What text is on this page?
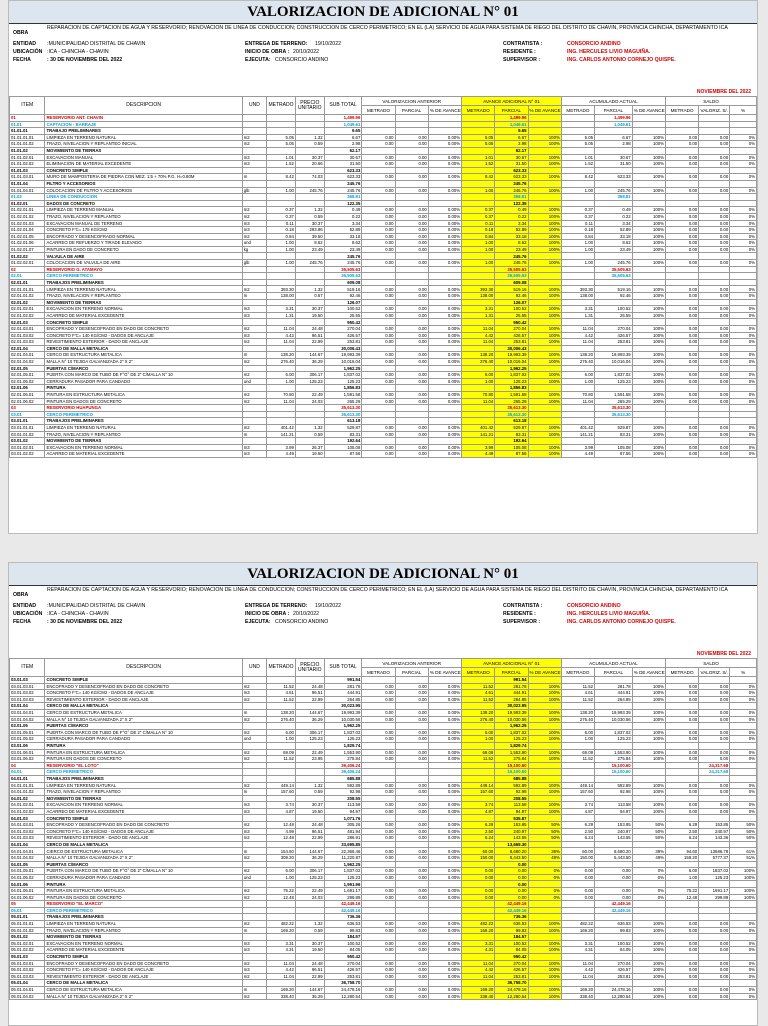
VALORIZACION DE ADICIONAL N° 01
OBRA
REPARACION DE CAPTACION DE AGUA Y RESERVORIO; RENOVACION DE LINEA DE CONDUCCION; CONSTRUCCION DE CERCO PERIMETRICO; EN EL (LA) SERVICIO DE AGUA PARA SISTEMA DE RIEGO DEL DISTRITO DE CHAVIN, PROVINCIA CHINCHA, DEPARTAMENTO ICA
ENTIDAD :MUNICIPALIDAD DISTRITAL DE CHAVIN
UBICACIÓN :ICA - CHINCHA - CHAVIN
FECHA	: 30 DE NOVIEMBRE DEL 2022
ENTREGA DE TERRENO: 19/10/2022
INICIO DE OBRA : 20/10/2022
EJECUTA: CONSORCIO ANDINO
CONTRATISTA :	CONSORCIO ANDINO
RESIDENTE :	ING. HERCULES LIVIO MAGUIÑA.
SUPERVISOR :	ING. CARLOS ANTONIO CORNEJO QUISPE.
NOVIEMBRE DEL 2022
ITEM	DESCRIPCION	UND	METRADO	PRECIO UNITARIO	SUB TOTAL	VALORIZACION ANTERIOR			AVANCE ADICIONAL N° 01			ACUMULADO ACTUAL			SALDO		
						METRADO	PARCIAL	% DE AVANCE	METRADO	PARCIAL	% DE AVANCE	METRADO	PARCIAL	% DE AVANCE	METRADO	VALORIZ. S/.	%
01	RESERVORIO ANT. CHAVIN				1,499.96					1,499.96			1,499.96				
01.01	CAPTACION - BARRAJE				1,049.61					1,049.61			1,049.61				
01.01.01	TRABAJO PRELIMINARES				9.65					9.65							
01.01.01.01	LIMPIEZA EN TERRENO NATURAL	m2	5.05	1.32	6.67	0.00	0.00	0.00%	5.05	6.67	100%	5.05	6.67	100%	0.00	0.00	0%
01.01.01.02	TRAZO, NIVELACION Y REPLANTEO INICIAL	m2	5.05	0.59	2.98	0.00	0.00	0.00%	5.05	2.98	100%	5.05	2.98	100%	0.00	0.00	0%
01.01.02	MOVIMIENTO DE TIERRAS				62.17					62.17							
01.01.02.01	EXCAVACION MANUAL	m3	1.01	30.37	30.67	0.00	0.00	0.00%	1.01	30.67	100%	1.01	30.67	100%	0.00	0.00	0%
01.01.02.02	ELIMINACION DE MATERIAL EXCEDENTE	m3	1.52	20.66	31.50	0.00	0.00	0.00%	1.52	31.50	100%	1.52	31.50	100%	0.00	0.00	0%
01.01.03	CONCRETO SIMPLE				623.33					623.33							
01.01.03.01	MURO DE MAMPOSTERIA DE PIEDRA CON MEZ. 1:5 + 70% P.G. H=0.80M	m	8.42	74.03	623.33	0.00	0.00	0.00%	8.42	623.33	100%	8.42	623.33	100%	0.00	0.00	0%
01.01.04	FILTRO Y ACCESORIOS				245.76					245.76							
01.01.04.01	COLOCACION DE FILTRO Y ACCESORIOS	glb	1.00	245.76	245.76	0.00	0.00	0.00%	1.00	245.76	100%	1.00	245.76	100%	0.00	0.00	0%
01.02	LINEA DE CONDUCCION				368.81					368.81			368.81				
01.02.01	DADOS DE CONCRETO				122.35					122.35							
01.02.01.01	LIMPIEZA DE TERRENO MANUAL	m2	0.37	1.32	0.49	0.00	0.00	0.00%	0.37	0.49	100%	0.37	0.49	100%	0.00	0.00	0%
01.02.01.02	TRAZO, NIVELACION Y REPLANTEO	m2	0.37	0.59	0.22	0.00	0.00	0.00%	0.37	0.22	100%	0.37	0.22	100%	0.00	0.00	0%
01.02.01.03	EXCAVACION MANUAL DE TERRENO	m3	0.11	30.37	3.34	0.00	0.00	0.00%	0.11	3.34	100%	0.11	3.34	100%	0.00	0.00	0%
01.02.01.04	CONCRETO F'C= 175 KG/CM2	m3	0.18	293.86	52.89	0.00	0.00	0.00%	0.18	52.89	100%	0.18	52.89	100%	0.00	0.00	0%
01.02.01.05	ENCOFRADO Y DESENCOFRADO NORMAL	m2	0.84	39.50	33.18	0.00	0.00	0.00%	0.84	33.18	100%	0.84	33.18	100%	0.00	0.00	0%
01.02.01.06	ACARREO DE REFUERZO Y TIRADE ELEVADO	und	1.00	8.62	8.62	0.00	0.00	0.00%	1.00	8.62	100%	1.00	8.62	100%	0.00	0.00	0%
01.02.01.07	PINTURA EN DADO DE CONCRETO	kg	1.00	23.49	23.49	0.00	0.00	0.00%	1.00	23.49	100%	1.00	23.49	100%	0.00	0.00	0%
01.02.02	VALVULA DE AIRE				245.76					245.76							
01.02.02.01	COLOCACION DE VALVULA DE AIRE	glb	1.00	245.76	245.76	0.00	0.00	0.00%	1.00	245.76	100%	1.00	245.76	100%	0.00	0.00	0%
02	RESERVORIO G. ATAMAYO				35,505.63					35,505.63			35,505.63				
02.01	CERCO PERIMETRICO				35,505.63					35,505.63			35,505.63				
02.01.01	TRABAJOS PRELIMINARES				609.08					609.08							
02.01.01.01	LIMPIEZA EN TERRENO NATURAL	m2	393.30	1.32	519.16	0.00	0.00	0.00%	393.30	519.16	100%	393.30	519.16	100%	0.00	0.00	0%
02.01.01.02	TRAZO, NIVELACION Y REPLANTEO	m	138.00	0.67	92.46	0.00	0.00	0.00%	138.00	92.46	100%	138.00	92.46	100%	0.00	0.00	0%
02.01.02	MOVIMIENTO DE TIERRAS				126.07					126.07							
02.01.02.01	EXCAVACION EN TERRENO NORMAL	m3	3.31	30.37	100.52	0.00	0.00	0.00%	3.31	100.52	100%	3.31	100.52	100%	0.00	0.00	0%
02.01.02.02	ACARREO DE MATERIAL EXCEDENTE	m3	1.31	19.50	25.55	0.00	0.00	0.00%	1.31	25.55	100%	1.31	25.55	100%	0.00	0.00	0%
02.01.03	CONCRETO SIMPLE				950.42					950.42							
02.01.03.01	ENCOFRADO Y DESENCOFRADO EN DADO DE CONCRETO	m2	11.04	24.48	270.04	0.00	0.00	0.00%	11.04	270.04	100%	11.04	270.04	100%	0.00	0.00	0%
02.01.03.02	CONCRETO F'C= 140 KG/CM2 - DADOS DE ANCLAJE	m3	4.42	96.51	426.57	0.00	0.00	0.00%	4.42	426.57	100%	4.42	426.57	100%	0.00	0.00	0%
02.01.03.03	REVESTIMIENTO EXTERIOR - DADO DE ANCLAJE	m2	11.04	22.99	253.81	0.00	0.00	0.00%	11.04	253.81	100%	11.04	253.81	100%	0.00	0.00	0%
02.01.04	CERCO DE MALLA METALICA				30,006.43					30,006.43							
02.01.04.01	CERCO DE ESTRUCTURA METALICA	m	138.20	144.67	19,993.39	0.00	0.00	0.00%	138.20	19,993.39	100%	138.20	19,993.39	100%	0.00	0.00	0%
02.01.04.02	MALLA N° 10 TEJIDA GALVANIZADA 2" X 2"	m2	276.40	36.29	10,016.04	0.00	0.00	0.00%	276.40	10,016.04	100%	276.40	10,016.04	100%	0.00	0.00	0%
02.01.05	PUERTAS C/MARCO				1,962.25					1,962.25							
02.01.05.01	PUERTA CON MARCO DE TUBO DE F°G° DE 2" C/MALLA N° 10	m2	6.00	306.17	1,837.02	0.00	0.00	0.00%	6.00	1,837.02	100%	6.00	1,837.02	100%	0.00	0.00	0%
02.01.05.02	CERRADURA PASADOR PARA CANDADO	und	1.00	125.23	125.23	0.00	0.00	0.00%	1.00	125.23	100%	1.00	125.23	100%	0.00	0.00	0%
02.01.06	PINTURA				1,856.83					1,856.83							
02.01.06.01	PINTURA EN ESTRUCTURA METALICA	m2	70.80	22.49	1,591.58	0.00	0.00	0.00%	70.80	1,591.58	100%	70.80	1,591.58	100%	0.00	0.00	0%
02.01.06.02	PINTURA EN DADOS DE CONCRETO	m2	11.04	24.03	265.29	0.00	0.00	0.00%	11.04	265.29	100%	11.04	265.29	100%	0.00	0.00	0%
03	RESERVORIO HUAPUNGA				35,613.30					35,613.30			35,613.30				
03.01	CERCO PERIMETRICO				35,613.30					35,613.30			35,613.30				
03.01.01	TRABAJOS PRELIMINARES				613.18					613.18							
03.01.01.01	LIMPIEZA EN TERRENO NATURAL	m2	401.42	1.32	529.87	0.00	0.00	0.00%	401.42	529.87	100%	401.42	529.87	100%	0.00	0.00	0%
03.01.01.02	TRAZO, NIVELACION Y REPLANTEO	m	141.21	0.59	83.31	0.00	0.00	0.00%	141.21	83.31	100%	141.21	83.31	100%	0.00	0.00	0%
03.01.02	MOVIMIENTO DE TIERRAS				192.64					192.64							
03.01.02.01	EXCAVACION EN TERRENO NORMAL	m3	3.99	26.37	105.08	0.00	0.00	0.00%	3.99	105.08	100%	3.99	105.08	100%	0.00	0.00	0%
03.01.02.02	ACARREO DE MATERIAL EXCEDENTE	m3	4.49	19.50	87.56	0.00	0.00	0.00%	4.49	87.56	100%	4.49	87.56	100%	0.00	0.00	0%
VALORIZACION DE ADICIONAL N° 01
OBRA
REPARACION DE CAPTACION DE AGUA Y RESERVORIO; RENOVACION DE LINEA DE CONDUCCION; CONSTRUCCION DE CERCO PERIMETRICO; EN EL (LA) SERVICIO DE AGUA PARA SISTEMA DE RIEGO DEL DISTRITO DE CHAVIN, PROVINCIA CHINCHA, DEPARTAMENTO ICA
ENTIDAD :MUNICIPALIDAD DISTRITAL DE CHAVIN
UBICACIÓN :ICA - CHINCHA - CHAVIN
FECHA	: 30 DE NOVIEMBRE DEL 2022
ENTREGA DE TERRENO: 19/10/2022
INICIO DE OBRA : 20/10/2022
EJECUTA: CONSORCIO ANDINO
CONTRATISTA :	CONSORCIO ANDINO
RESIDENTE :	ING. HERCULES LIVIO MAGUIÑA.
SUPERVISOR :	ING. CARLOS ANTONIO CORNEJO QUISPE.
NOVIEMBRE DEL 2022
ITEM	DESCRIPCION	UND	METRADO	PRECIO UNITARIO	SUB TOTAL	VALORIZACION ANTERIOR			AVANCE ADICIONAL N° 01			ACUMULADO ACTUAL			SALDO		
						METRADO	PARCIAL	% DE AVANCE	METRADO	PARCIAL	% DE AVANCE	METRADO	PARCIAL	% DE AVANCE	METRADO	VALORIZ. S/.	%
03.01.03	CONCRETO SIMPLE				991.54					991.54							
03.01.03.01	ENCOFRADO Y DESENCOFRADO EN DADO DE CONCRETO	m2	11.52	24.48	281.78	0.00	0.00	0.00%	11.52	281.78	100%	11.52	281.78	100%	0.00	0.00	0%
03.01.03.02	CONCRETO F'C= 140 KG/CM2 - DADOS DE ANCLAJE	m3	4.61	96.51	444.91	0.00	0.00	0.00%	4.61	444.91	100%	4.61	444.91	100%	0.00	0.00	0%
03.01.03.03	REVESTIMIENTO EXTERIOR - DADO DE ANCLAJE	m2	11.52	22.99	264.85	0.00	0.00	0.00%	11.52	264.85	100%	11.52	264.85	100%	0.00	0.00	0%
03.01.04	CERCO DE MALLA METALICA				30,023.95					30,023.95							
03.01.04.01	CERCO DE ESTRUCTURA METALICA	m	138.20	144.67	19,993.39	0.00	0.00	0.00%	138.20	19,993.39	100%	138.20	19,993.39	100%	0.00	0.00	0%
03.01.04.02	MALLA N° 10 TEJIDA GALVANIZADA 2" X 2"	m2	276.40	36.29	10,030.56	0.00	0.00	0.00%	276.40	10,030.56	100%	276.40	10,030.56	100%	0.00	0.00	0%
03.01.05	PUERTAS C/MARCO				1,962.25					1,962.25							
03.01.05.01	PUERTA CON MARCO DE TUBO DE F°G° DE 2" C/MALLA N° 10	m2	6.00	306.17	1,837.02	0.00	0.00	0.00%	6.00	1,837.02	100%	6.00	1,837.02	100%	0.00	0.00	0%
03.01.05.02	CERRADURA PASADOR PARA CANDADO	und	1.00	125.23	125.23	0.00	0.00	0.00%	1.00	125.23	100%	1.00	125.23	100%	0.00	0.00	0%
03.01.06	PINTURA				1,829.74					1,829.74							
03.01.06.01	PINTURA EN ESTRUCTURA METALICA	m2	69.09	22.49	1,553.90	0.00	0.00	0.00%	69.09	1,553.90	100%	69.09	1,553.90	100%	0.00	0.00	0%
03.01.06.02	PINTURA EN DADOS DE CONCRETO	m2	11.52	23.95	275.84	0.00	0.00	0.00%	11.52	275.84	100%	11.52	275.84	100%	0.00	0.00	0%
04	RESERVORIO "EL LOTO"				39,406.24					15,100.60			15,100.60			24,317.68	
04.01	CERCO PERIMETRICO				39,406.24					15,100.60			15,100.60			24,317.68	
04.01.01	TRABAJOS PRELIMINARES				685.88					685.88							
04.01.01.01	LIMPIEZA EN TERRENO NATURAL	m2	449.14	1.32	592.89	0.00	0.00	0.00%	449.14	592.89	100%	449.14	592.89	100%	0.00	0.00	0%
04.01.01.02	TRAZO, NIVELACION Y REPLANTEO	m	157.60	0.59	92.98	0.00	0.00	0.00%	157.60	92.98	100%	157.60	92.98	100%	0.00	0.00	0%
04.01.02	MOVIMIENTO DE TIERRAS				208.55					208.55							
04.01.02.01	EXCAVACION EN TERRENO NORMAL	m3	3.74	30.37	113.58	0.00	0.00	0.00%	3.74	113.58	100%	3.74	113.58	100%	0.00	0.00	0%
04.01.02.02	ACARREO DE MATERIAL EXCEDENTE	m3	4.87	19.50	94.97	0.00	0.00	0.00%	4.87	94.97	100%	4.87	94.97	100%	0.00	0.00	0%
04.01.03	CONCRETO SIMPLE				1,071.76					535.87							
04.01.03.01	ENCOFRADO Y DESENCOFRADO EN DADO DE CONCRETO	m2	12.48	24.48	305.26	0.00	0.00	0.00%	6.29	153.85	50%	6.29	153.85	50%	6.29	153.85	50%
04.01.03.02	CONCRETO F'C= 140 KG/CM2 - DADOS DE ANCLAJE	m3	4.99	96.51	481.94	0.00	0.00	0.00%	2.50	240.97	50%	2.50	240.97	50%	2.50	240.97	50%
04.01.03.03	REVESTIMIENTO EXTERIOR - DADO DE ANCLAJE	m2	12.48	22.99	286.91	0.00	0.00	0.00%	6.24	143.55	50%	6.24	143.55	50%	6.24	143.36	50%
04.01.04	CERCO DE MALLA METALICA				33,695.85					13,669.30							
04.01.04.01	CIERCO DE ESTRUCTURA METALICA	m	154.60	144.67	22,366.46	0.00	0.00	0.00%	60.00	8,680.20	39%	60.00	8,680.20	39%	94.60	13686.78	61%
04.01.04.02	MALLA N° 10 TEJIDA GALVANIZADA 2" X 2"	m2	309.20	36.29	11,220.87	0.00	0.00	0.00%	150.00	5,443.50	49%	150.00	5,443.50	49%	159.20	5777.37	51%
04.01.05	PUERTAS C/MARCO				1,962.25					0.00							
04.01.05.01	PUERTA CON MARCO DE TUBO DE F°G° DE 2" C/MALLA N° 10	m2	6.00	306.17	1,837.02	0.00	0.00	0.00%	0.00	0.00	0%	0.00	0.00	0%	6.00	1837.02	100%
04.01.05.02	CERRADURA PASADOR PARA CANDADO	und	1.00	125.23	125.23	0.00	0.00	0.00%	0.00	0.00	0%	0.00	0.00	0%	1.00	125.23	100%
04.01.06	PINTURA				1,991.96					0.00							
04.01.06.01	PINTURA EN ESTRUCTURA METALICA	m2	75.22	22.49	1,691.17	0.00	0.00	0.00%	0.00	0.00	0%	0.00	0.00	0%	75.22	1691.17	100%
04.01.06.02	PINTURA EN DADOS DE CONCRETO	m2	12.48	24.03	299.89	0.00	0.00	0.00%	0.00	0.00	0%	0.00	0.00	0%	12.48	299.89	100%
05	RESERVORIO "EL MARCO"				42,449.16					42,449.16			42,449.16				
05.01	CERCO PERIMETRICO				42,449.16					42,449.16			42,449.16				
05.01.01	TRABAJOS PRELIMINARES				736.36					736.36							
05.01.01.01	LIMPIEZA EN TERRENO NATURAL	m2	482.22	1.32	636.53	0.00	0.00	0.00%	482.22	636.53	100%	482.22	636.53	100%	0.00	0.00	0%
05.01.01.02	TRAZO, NIVELACION Y REPLANTEO	m	169.20	0.59	99.83	0.00	0.00	0.00%	169.20	99.83	100%	169.20	99.83	100%	0.00	0.00	0%
05.01.02	MOVIMIENTO DE TIERRAS				184.57					184.57							
05.01.02.01	EXCAVACION EN TERRENO NORMAL	m3	3.31	30.37	100.52	0.00	0.00	0.00%	3.31	100.52	100%	3.31	100.52	100%	0.00	0.00	0%
05.01.02.02	ACARREO DE MATERIAL EXCEDENTE	m3	4.31	19.50	84.05	0.00	0.00	0.00%	4.31	84.05	100%	4.31	84.05	100%	0.00	0.00	0%
05.01.03	CONCRETO SIMPLE				950.42					950.42							
05.01.03.01	ENCOFRADO Y DESENCOFRADO EN DADO DE CONCRETO	m2	11.04	24.48	270.04	0.00	0.00	0.00%	11.04	270.04	100%	11.04	270.04	100%	0.00	0.00	0%
05.01.03.02	CONCRETO F'C= 140 KG/CM2 - DADOS DE ANCLAJE	m3	4.42	96.51	426.57	0.00	0.00	0.00%	4.42	426.57	100%	4.42	426.57	100%	0.00	0.00	0%
05.01.03.03	REVESTIMIENTO EXTERIOR - DADO DE ANCLAJE	m2	11.04	22.99	253.81	0.00	0.00	0.00%	11.04	253.81	100%	11.04	253.81	100%	0.00	0.00	0%
05.01.04	CERCO DE MALLA METALICA				36,758.70					36,758.70							
05.01.04.01	CERCO DE ESTRUCTURA METALICA	m	169.20	144.67	24,478.16	0.00	0.00	0.00%	169.20	24,478.16	100%	169.20	24,478.16	100%	0.00	0.00	0%
05.01.04.02	MALLA N° 10 TEJIDA GALVANIZADA 2" X 2"	m2	338.40	36.29	12,280.54	0.00	0.00	0.00%	338.40	12,280.54	100%	338.40	12,280.54	100%	0.00	0.00	0%
